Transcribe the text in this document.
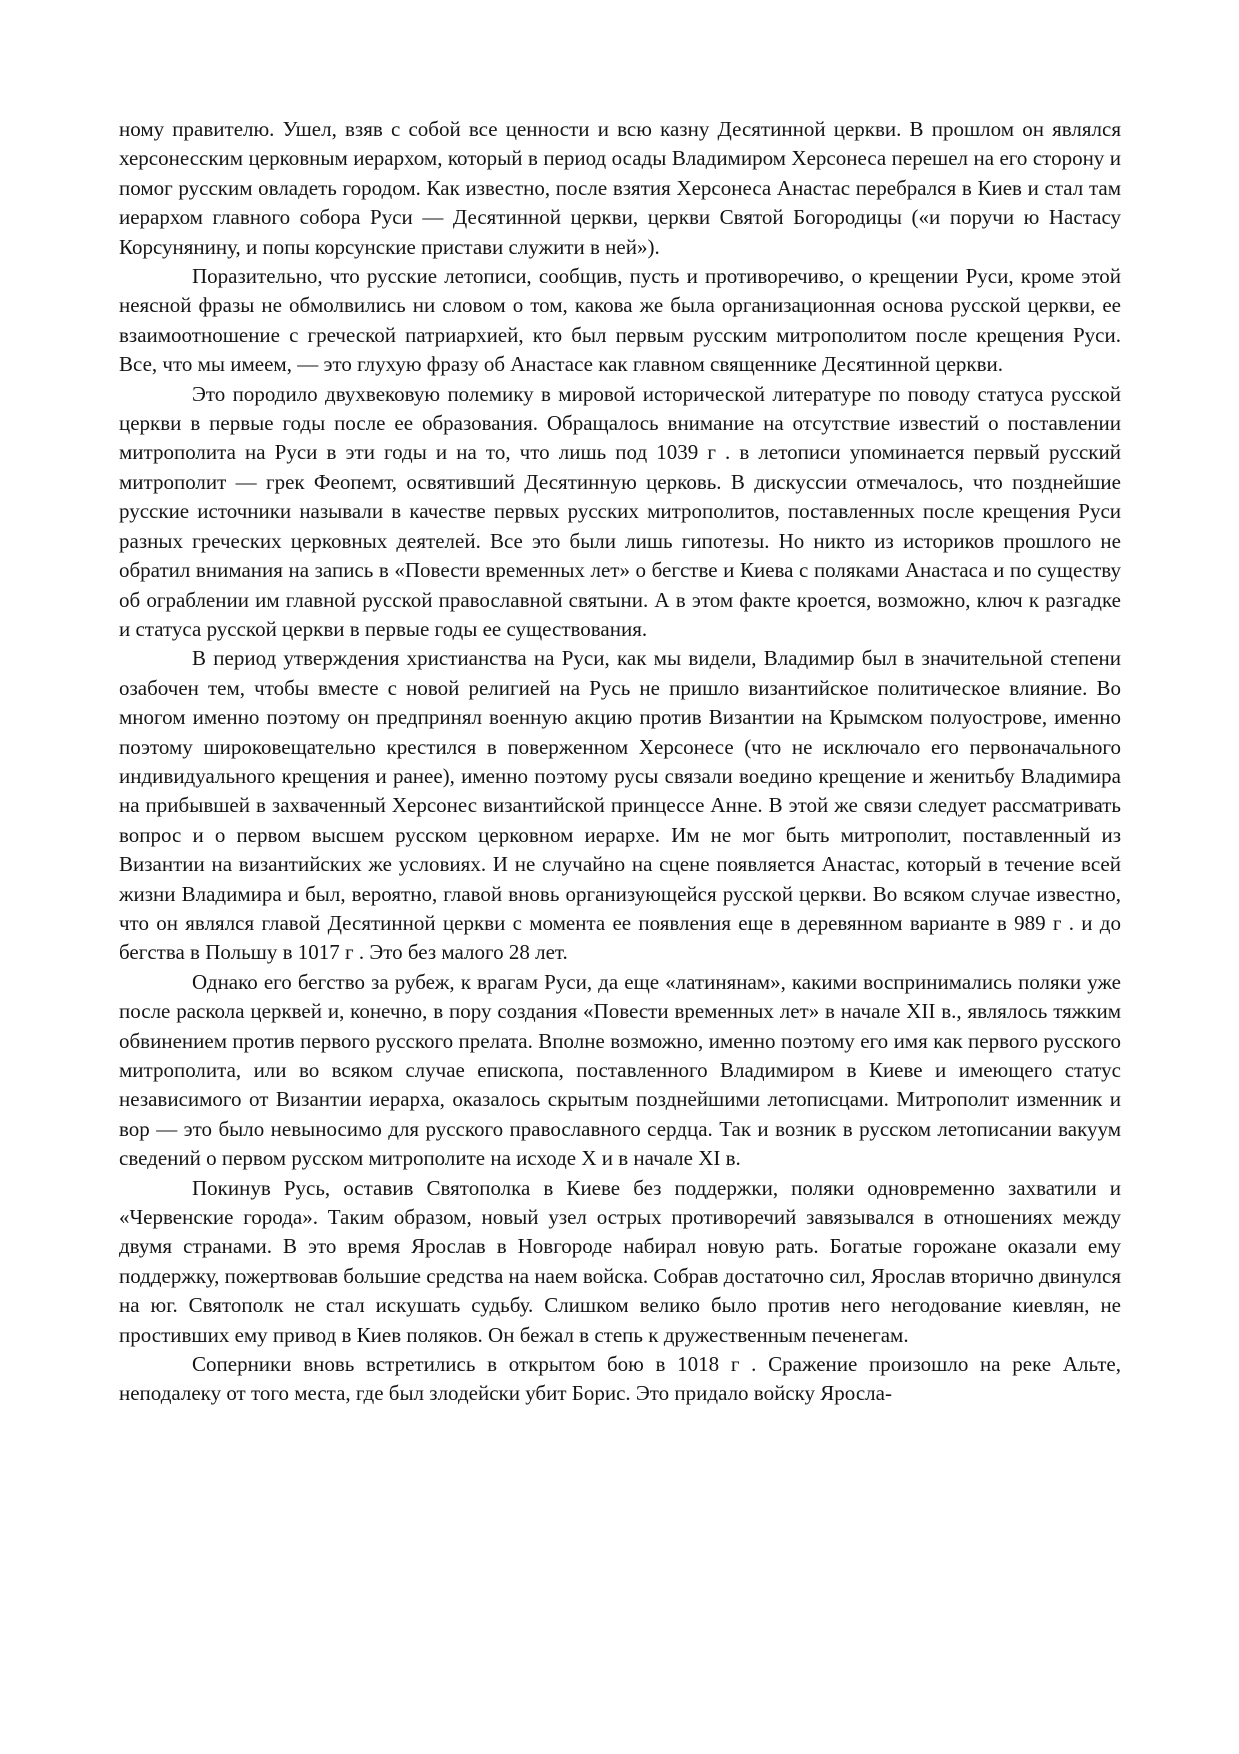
ному правителю. Ушел, взяв с собой все ценности и всю казну Десятинной церкви. В прошлом он являлся херсонесским церковным иерархом, который в период осады Владимиром Херсонеса перешел на его сторону и помог русским овладеть городом. Как известно, после взятия Херсонеса Анастас перебрался в Киев и стал там иерархом главного собора Руси — Десятинной церкви, церкви Святой Богородицы («и поручи ю Настасу Корсунянину, и попы корсунские пристави служити в ней»).

Поразительно, что русские летописи, сообщив, пусть и противоречиво, о крещении Руси, кроме этой неясной фразы не обмолвились ни словом о том, какова же была организационная основа русской церкви, ее взаимоотношение с греческой патриархией, кто был первым русским митрополитом после крещения Руси. Все, что мы имеем, — это глухую фразу об Анастасе как главном священнике Десятинной церкви.

Это породило двухвековую полемику в мировой исторической литературе по поводу статуса русской церкви в первые годы после ее образования. Обращалось внимание на отсутствие известий о поставлении митрополита на Руси в эти годы и на то, что лишь под 1039 г . в летописи упоминается первый русский митрополит — грек Феопемт, освятивший Десятинную церковь. В дискуссии отмечалось, что позднейшие русские источники называли в качестве первых русских митрополитов, поставленных после крещения Руси разных греческих церковных деятелей. Все это были лишь гипотезы. Но никто из историков прошлого не обратил внимания на запись в «Повести временных лет» о бегстве и Киева с поляками Анастаса и по существу об ограблении им главной русской православной святыни. А в этом факте кроется, возможно, ключ к разгадке и статуса русской церкви в первые годы ее существования.

В период утверждения христианства на Руси, как мы видели, Владимир был в значительной степени озабочен тем, чтобы вместе с новой религией на Русь не пришло византийское политическое влияние. Во многом именно поэтому он предпринял военную акцию против Византии на Крымском полуострове, именно поэтому широковещательно крестился в поверженном Херсонесе (что не исключало его первоначального индивидуального крещения и ранее), именно поэтому русы связали воедино крещение и женитьбу Владимира на прибывшей в захваченный Херсонес византийской принцессе Анне. В этой же связи следует рассматривать вопрос и о первом высшем русском церковном иерархе. Им не мог быть митрополит, поставленный из Византии на византийских же условиях. И не случайно на сцене появляется Анастас, который в течение всей жизни Владимира и был, вероятно, главой вновь организующейся русской церкви. Во всяком случае известно, что он являлся главой Десятинной церкви с момента ее появления еще в деревянном варианте в 989 г . и до бегства в Польшу в 1017 г . Это без малого 28 лет.

Однако его бегство за рубеж, к врагам Руси, да еще «латинянам», какими воспринимались поляки уже после раскола церквей и, конечно, в пору создания «Повести временных лет» в начале XII в., являлось тяжким обвинением против первого русского прелата. Вполне возможно, именно поэтому его имя как первого русского митрополита, или во всяком случае епископа, поставленного Владимиром в Киеве и имеющего статус независимого от Византии иерарха, оказалось скрытым позднейшими летописцами. Митрополит изменник и вор — это было невыносимо для русского православного сердца. Так и возник в русском летописании вакуум сведений о первом русском митрополите на исходе X и в начале XI в.

Покинув Русь, оставив Святополка в Киеве без поддержки, поляки одновременно захватили и «Червенские города». Таким образом, новый узел острых противоречий завязывался в отношениях между двумя странами. В это время Ярослав в Новгороде набирал новую рать. Богатые горожане оказали ему поддержку, пожертвовав большие средства на наем войска. Собрав достаточно сил, Ярослав вторично двинулся на юг. Святополк не стал искушать судьбу. Слишком велико было против него негодование киевлян, не простивших ему привод в Киев поляков. Он бежал в степь к дружественным печенегам.

Соперники вновь встретились в открытом бою в 1018 г . Сражение произошло на реке Альте, неподалеку от того места, где был злодейски убит Борис. Это придало войску Яросла-
